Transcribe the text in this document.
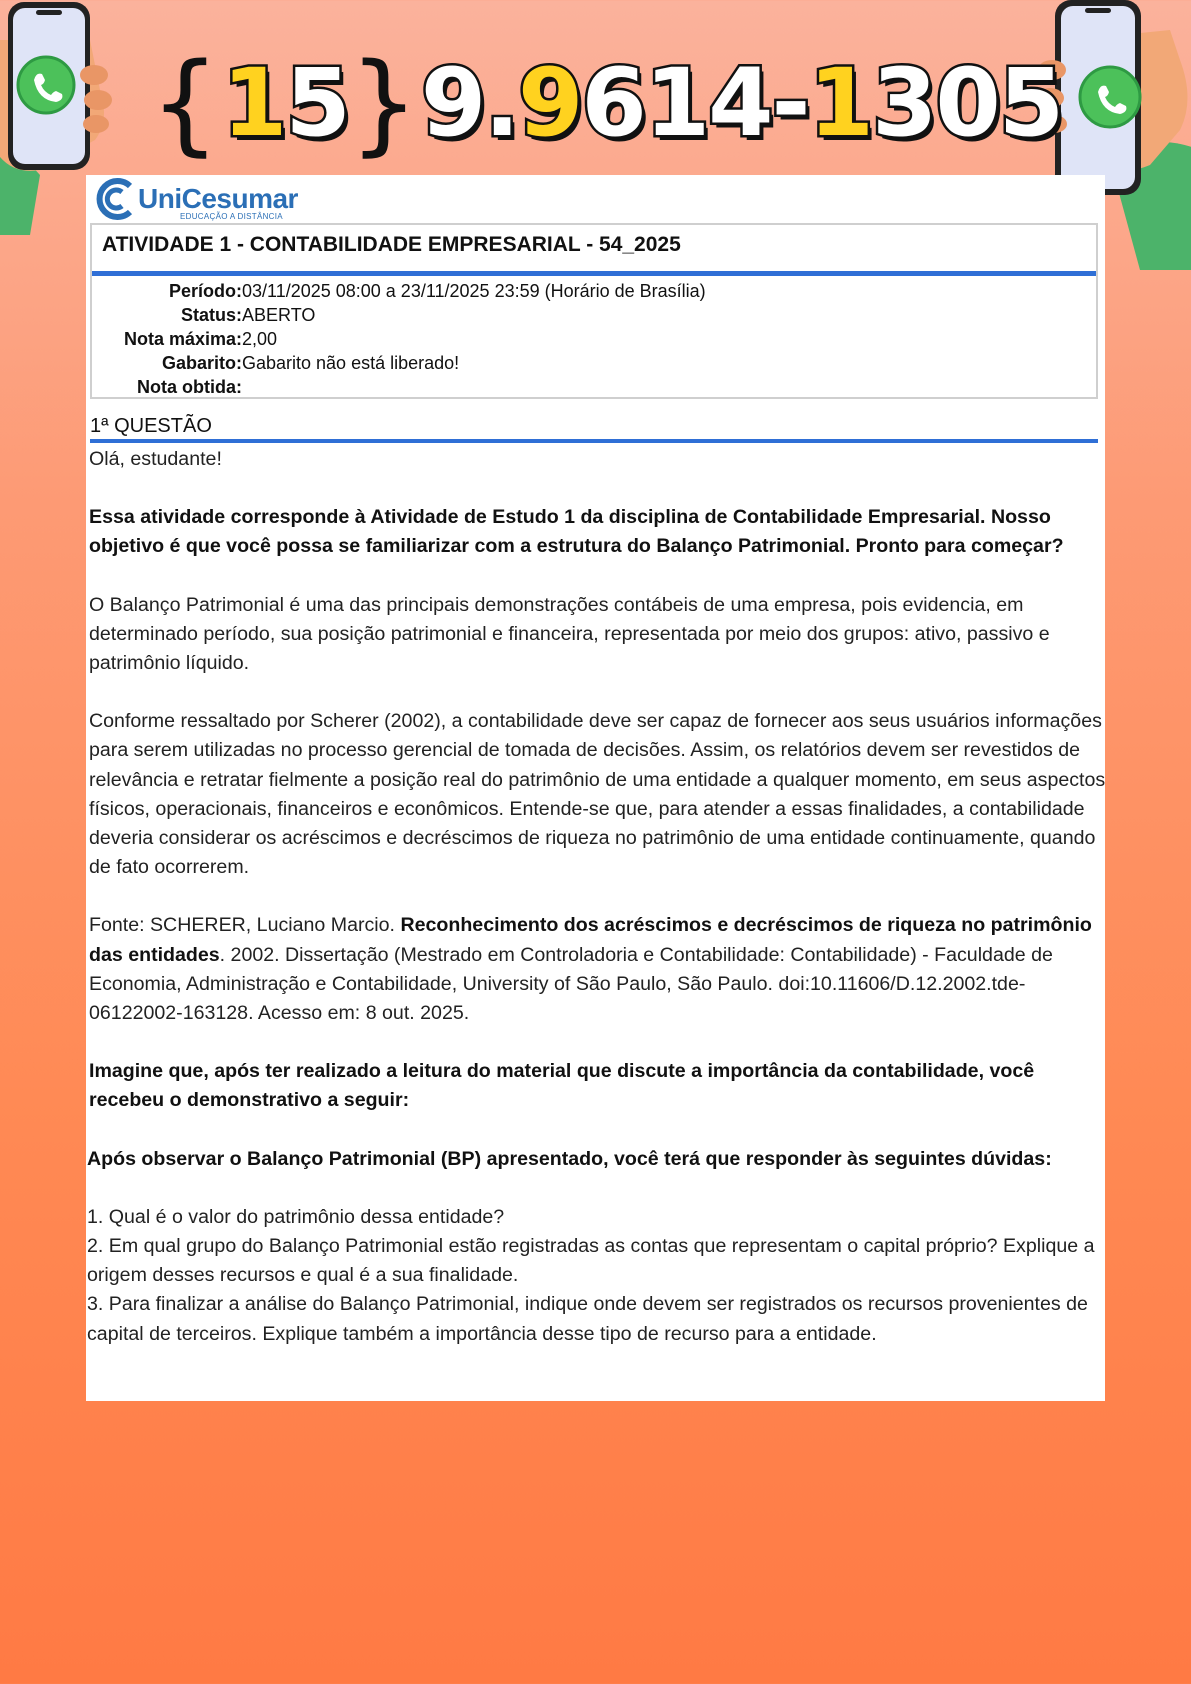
{ 1 5 } 9. 9 614- 1 305
UniCesumar
EDUCAÇÃO A DISTÂNCIA
ATIVIDADE 1 - CONTABILIDADE EMPRESARIAL - 54_2025
Período: 03/11/2025 08:00 a 23/11/2025 23:59 (Horário de Brasília)
Status: ABERTO
Nota máxima: 2,00
Gabarito: Gabarito não está liberado!
Nota obtida:
1ª QUESTÃO

Olá, estudante!

Essa atividade corresponde à Atividade de Estudo 1 da disciplina de Contabilidade Empresarial. Nosso objetivo é que você possa se familiarizar com a estrutura do Balanço Patrimonial. Pronto para começar?

O Balanço Patrimonial é uma das principais demonstrações contábeis de uma empresa, pois evidencia, em determinado período, sua posição patrimonial e financeira, representada por meio dos grupos: ativo, passivo e patrimônio líquido.

Conforme ressaltado por Scherer (2002), a contabilidade deve ser capaz de fornecer aos seus usuários informações para serem utilizadas no processo gerencial de tomada de decisões. Assim, os relatórios devem ser revestidos de relevância e retratar fielmente a posição real do patrimônio de uma entidade a qualquer momento, em seus aspectos físicos, operacionais, financeiros e econômicos. Entende-se que, para atender a essas finalidades, a contabilidade deveria considerar os acréscimos e decréscimos de riqueza no patrimônio de uma entidade continuamente, quando de fato ocorrerem.

Fonte: SCHERER, Luciano Marcio. Reconhecimento dos acréscimos e decréscimos de riqueza no patrimônio das entidades. 2002. Dissertação (Mestrado em Controladoria e Contabilidade: Contabilidade) - Faculdade de Economia, Administração e Contabilidade, University of São Paulo, São Paulo. doi:10.11606/D.12.2002.tde-06122002-163128. Acesso em: 8 out. 2025.

Imagine que, após ter realizado a leitura do material que discute a importância da contabilidade, você recebeu o demonstrativo a seguir:

Após observar o Balanço Patrimonial (BP) apresentado, você terá que responder às seguintes dúvidas:

1. Qual é o valor do patrimônio dessa entidade?

2. Em qual grupo do Balanço Patrimonial estão registradas as contas que representam o capital próprio? Explique a origem desses recursos e qual é a sua finalidade.

3. Para finalizar a análise do Balanço Patrimonial, indique onde devem ser registrados os recursos provenientes de capital de terceiros. Explique também a importância desse tipo de recurso para a entidade.
